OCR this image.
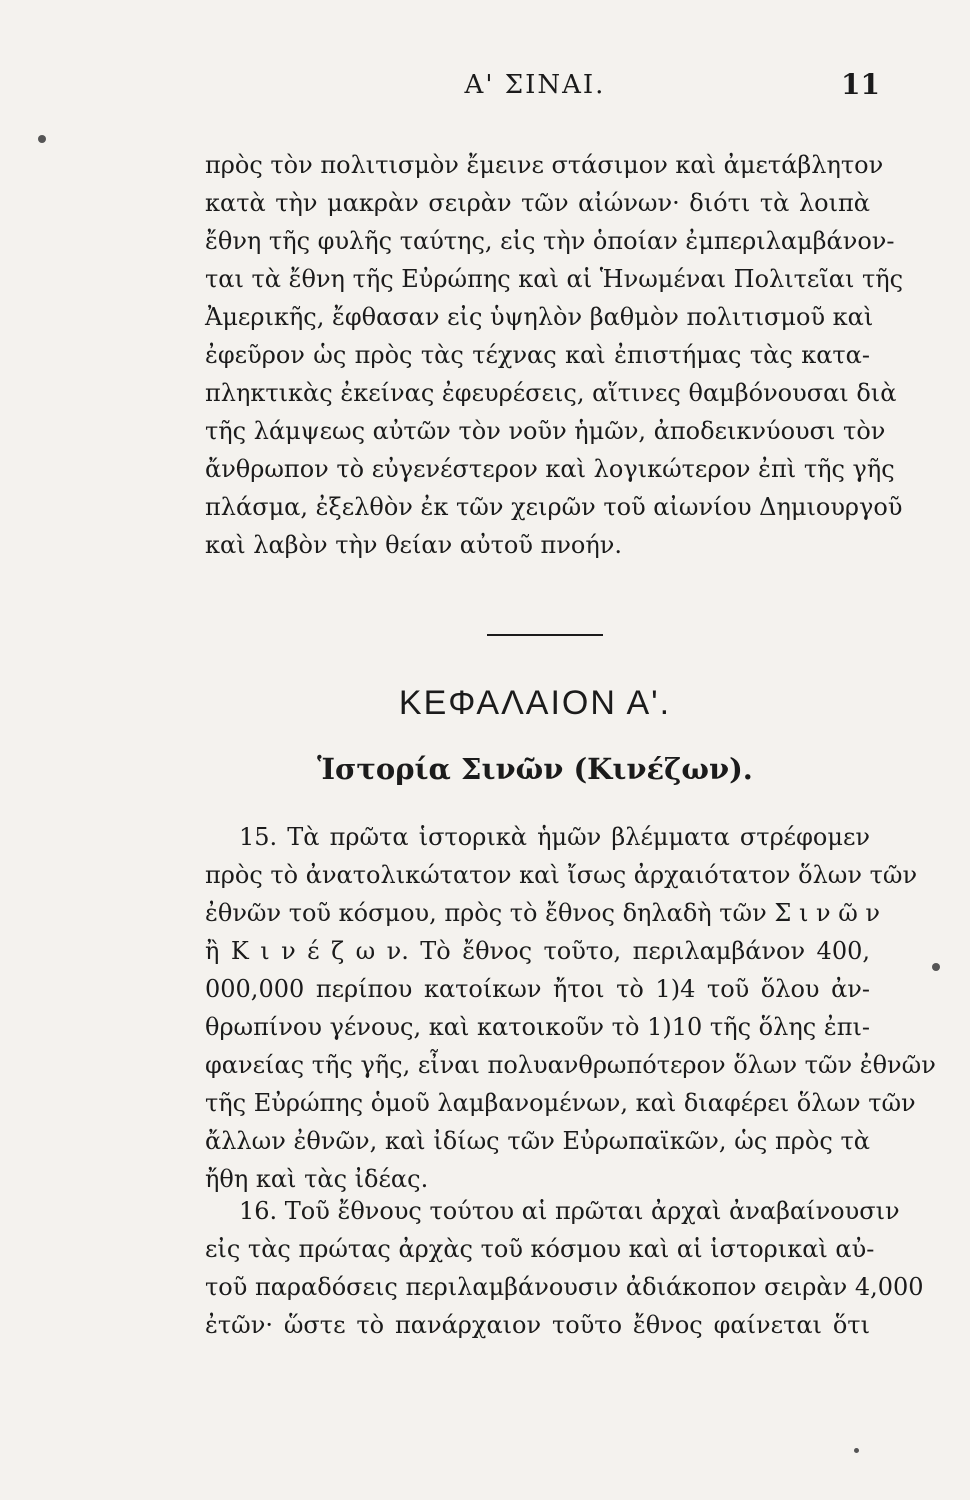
Α' ΣΙΝΑΙ.	11
πρὸς τὸν πολιτισμὸν ἔμεινε στάσιμον καὶ ἀμετάβλητον
κατὰ τὴν μακρὰν σειρὰν τῶν αἰώνων· διότι τὰ λοιπὰ
ἔθνη τῆς φυλῆς ταύτης, εἰς τὴν ὁποίαν ἐμπεριλαμβάνον-
ται τὰ ἔθνη τῆς Εὐρώπης καὶ αἱ Ἡνωμέναι Πολιτεῖαι τῆς
Ἀμερικῆς, ἔφθασαν εἰς ὑψηλὸν βαθμὸν πολιτισμοῦ καὶ
ἐφεῦρον ὡς πρὸς τὰς τέχνας καὶ ἐπιστήμας τὰς κατα-
πληκτικὰς ἐκείνας ἐφευρέσεις, αἵτινες θαμβόνουσαι διὰ
τῆς λάμψεως αὐτῶν τὸν νοῦν ἡμῶν, ἀποδεικνύουσι τὸν
ἄνθρωπον τὸ εὐγενέστερον καὶ λογικώτερον ἐπὶ τῆς γῆς
πλάσμα, ἐξελθὸν ἐκ τῶν χειρῶν τοῦ αἰωνίου Δημιουργοῦ
καὶ λαβὸν τὴν θείαν αὐτοῦ πνοήν.
ΚΕΦΑΛΑΙΟΝ Α'.
Ἱστορία Σινῶν (Κινέζων).
15. Τὰ πρῶτα ἱστορικὰ ἡμῶν βλέμματα στρέφομεν
πρὸς τὸ ἀνατολικώτατον καὶ ἴσως ἀρχαιότατον ὅλων τῶν
ἐθνῶν τοῦ κόσμου, πρὸς τὸ ἔθνος δηλαδὴ τῶν Σ ι ν ῶ ν
ἢ Κ ι ν έ ζ ω ν. Τὸ ἔθνος τοῦτο, περιλαμβάνον 400,
000,000 περίπου κατοίκων ἤτοι τὸ 1)4 τοῦ ὅλου ἀν-
θρωπίνου γένους, καὶ κατοικοῦν τὸ 1)10 τῆς ὅλης ἐπι-
φανείας τῆς γῆς, εἶναι πολυανθρωπότερον ὅλων τῶν ἐθνῶν
τῆς Εὐρώπης ὁμοῦ λαμβανομένων, καὶ διαφέρει ὅλων τῶν
ἄλλων ἐθνῶν, καὶ ἰδίως τῶν Εὐρωπαϊκῶν, ὡς πρὸς τὰ
ἤθη καὶ τὰς ἰδέας.
16. Τοῦ ἔθνους τούτου αἱ πρῶται ἀρχαὶ ἀναβαίνουσιν
εἰς τὰς πρώτας ἀρχὰς τοῦ κόσμου καὶ αἱ ἱστορικαὶ αὐ-
τοῦ παραδόσεις περιλαμβάνουσιν ἀδιάκοπον σειρὰν 4,000
ἐτῶν· ὥστε τὸ πανάρχαιον τοῦτο ἔθνος φαίνεται ὅτι
